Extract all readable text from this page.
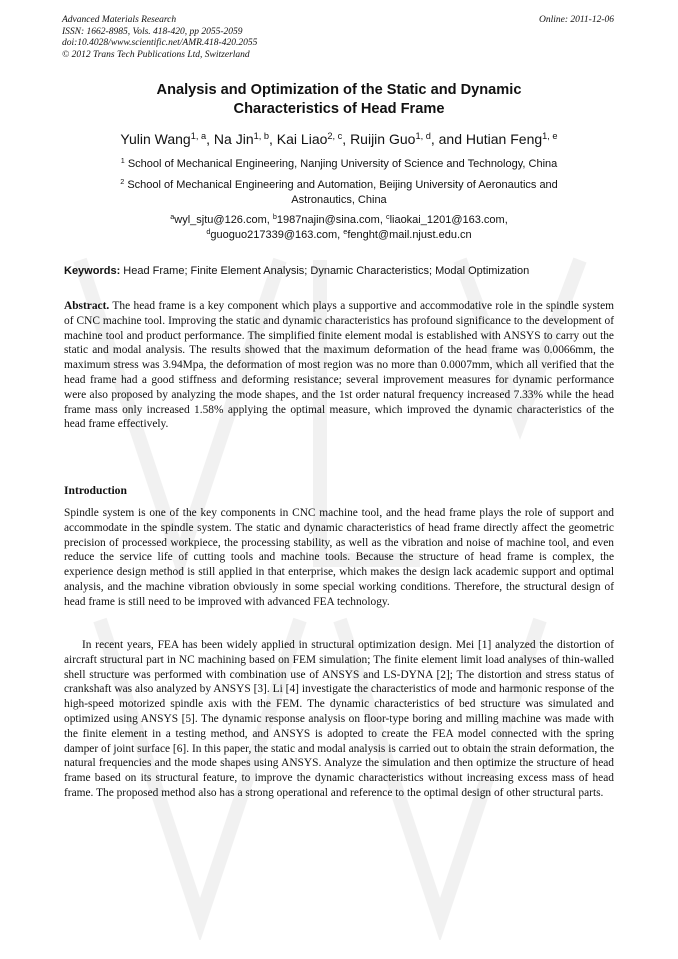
Advanced Materials Research
ISSN: 1662-8985, Vols. 418-420, pp 2055-2059
doi:10.4028/www.scientific.net/AMR.418-420.2055
© 2012 Trans Tech Publications Ltd, Switzerland
Online: 2011-12-06
Analysis and Optimization of the Static and Dynamic
Characteristics of Head Frame
Yulin Wang$^{1, a}$, Na Jin$^{1, b}$, Kai Liao$^{2, c}$, Ruijin Guo$^{1, d}$, and Hutian Feng$^{1, e}$
$^1$ School of Mechanical Engineering, Nanjing University of Science and Technology, China
$^2$ School of Mechanical Engineering and Automation, Beijing University of Aeronautics and
Astronautics, China
$^a$wyl_sjtu@126.com, $^b$1987najin@sina.com, $^c$liaokai_1201@163.com,
$^d$guoguo217339@163.com, $^e$fenght@mail.njust.edu.cn
Keywords: Head Frame; Finite Element Analysis; Dynamic Characteristics; Modal Optimization

Abstract. The head frame is a key component which plays a supportive and accommodative role in the spindle system of CNC machine tool. Improving the static and dynamic characteristics has profound significance to the development of machine tool and product performance. The simplified finite element modal is established with ANSYS to carry out the static and modal analysis. The results showed that the maximum deformation of the head frame was 0.0066mm, the maximum stress was 3.94Mpa, the deformation of most region was no more than 0.0007mm, which all verified that the head frame had a good stiffness and deforming resistance; several improvement measures for dynamic performance were also proposed by analyzing the mode shapes, and the 1st order natural frequency increased 7.33% while the head frame mass only increased 1.58% applying the optimal measure, which improved the dynamic characteristics of the head frame effectively.

Introduction

Spindle system is one of the key components in CNC machine tool, and the head frame plays the role of support and accommodate in the spindle system. The static and dynamic characteristics of head frame directly affect the geometric precision of processed workpiece, the processing stability, as well as the vibration and noise of machine tool, and even reduce the service life of cutting tools and machine tools. Because the structure of head frame is complex, the experience design method is still applied in that enterprise, which makes the design lack academic support and optimal analysis, and the machine vibration obviously in some special working conditions. Therefore, the structural design of head frame is still need to be improved with advanced FEA technology.

In recent years, FEA has been widely applied in structural optimization design. Mei [1] analyzed the distortion of aircraft structural part in NC machining based on FEM simulation; The finite element limit load analyses of thin-walled shell structure was performed with combination use of ANSYS and LS-DYNA [2]; The distortion and stress status of crankshaft was also analyzed by ANSYS [3]. Li [4] investigate the characteristics of mode and harmonic response of the high-speed motorized spindle axis with the FEM. The dynamic characteristics of bed structure was simulated and optimized using ANSYS [5]. The dynamic response analysis on floor-type boring and milling machine was made with the finite element in a testing method, and ANSYS is adopted to create the FEA model connected with the spring damper of joint surface [6]. In this paper, the static and modal analysis is carried out to obtain the strain deformation, the natural frequencies and the mode shapes using ANSYS. Analyze the simulation and then optimize the structure of head frame based on its structural feature, to improve the dynamic characteristics without increasing excess mass of head frame. The proposed method also has a strong operational and reference to the optimal design of other structural parts.
